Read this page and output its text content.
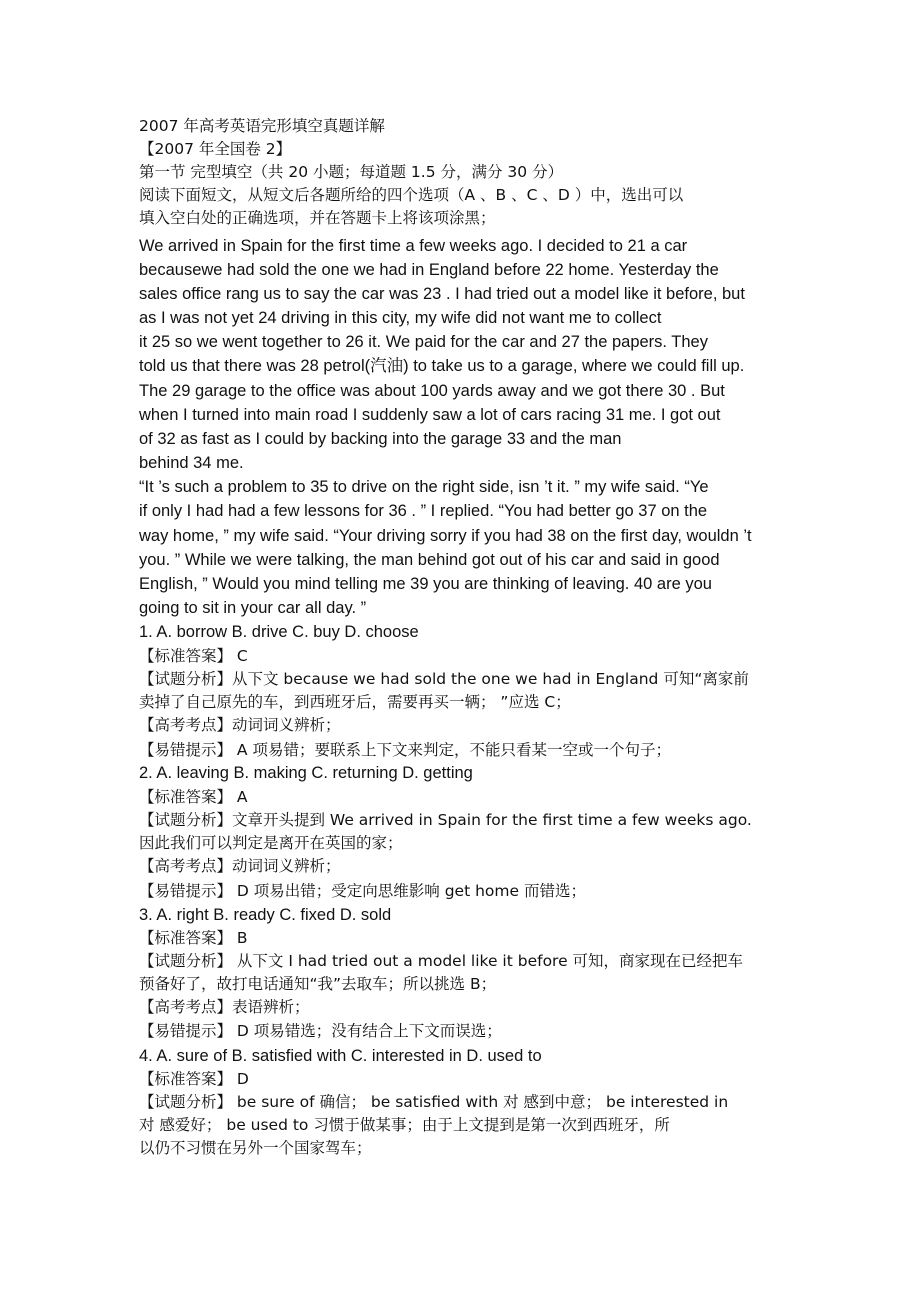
2007 年高考英语完形填空真题详解
【2007 年全国卷 2】
第一节 完型填空（共 20 小题；每道题 1.5 分，满分 30 分）
阅读下面短文，从短文后各题所给的四个选项（A 、B 、C 、D ）中，选出可以
填入空白处的正确选项，并在答题卡上将该项涂黑；
We arrived in Spain for the first time a few weeks ago. I decided to 21 a car
becausewe had sold the one we had in England before 22 home. Yesterday the
sales office rang us to say the car was 23 . I had tried out a model like it before, but
as I was not yet 24 driving in this city, my wife did not want me to collect
it 25 so we went together to 26 it. We paid for the car and 27 the papers. They
told us that there was 28 petrol(汽油) to take us to a garage, where we could fill up.
The 29 garage to the office was about 100 yards away and we got there 30 . But
when I turned into main road I suddenly saw a lot of cars racing 31 me. I got out
of 32 as fast as I could by backing into the garage 33 and the man
behind 34 me.
“It ’s such a problem to 35 to drive on the right side, isn ’t it. ” my wife said. “Ye
if only I had had a few lessons for 36 . ” I replied. “You had better go 37 on the
way home, ” my wife said. “Your driving sorry if you had 38 on the first day, wouldn ’t
you. ” While we were talking, the man behind got out of his car and said in good
English, ” Would you mind telling me 39 you are thinking of leaving. 40 are you
going to sit in your car all day. ”
1. A. borrow B. drive C. buy D. choose
【标准答案】 C
【试题分析】从下文 because we had sold the one we had in England 可知“离家前
卖掉了自己原先的车，到西班牙后，需要再买一辆； ”应选 C；
【高考考点】动词词义辨析；
【易错提示】 A 项易错；要联系上下文来判定，不能只看某一空或一个句子；
2. A. leaving B. making C. returning D. getting
【标准答案】 A
【试题分析】文章开头提到 We arrived in Spain for the first time a few weeks ago.
因此我们可以判定是离开在英国的家；
【高考考点】动词词义辨析；
【易错提示】 D 项易出错；受定向思维影响 get home 而错选；
3. A. right B. ready C. fixed D. sold
【标准答案】 B
【试题分析】 从下文 I had tried out a model like it before 可知，商家现在已经把车
预备好了，故打电话通知“我”去取车；所以挑选 B；
【高考考点】表语辨析；
【易错提示】 D 项易错选；没有结合上下文而误选；
4. A. sure of B. satisfied with C. interested in D. used to
【标准答案】 D
【试题分析】 be sure of 确信； be satisfied with 对 感到中意； be interested in
对 感爱好； be used to 习惯于做某事；由于上文提到是第一次到西班牙，所
以仍不习惯在另外一个国家驾车；
